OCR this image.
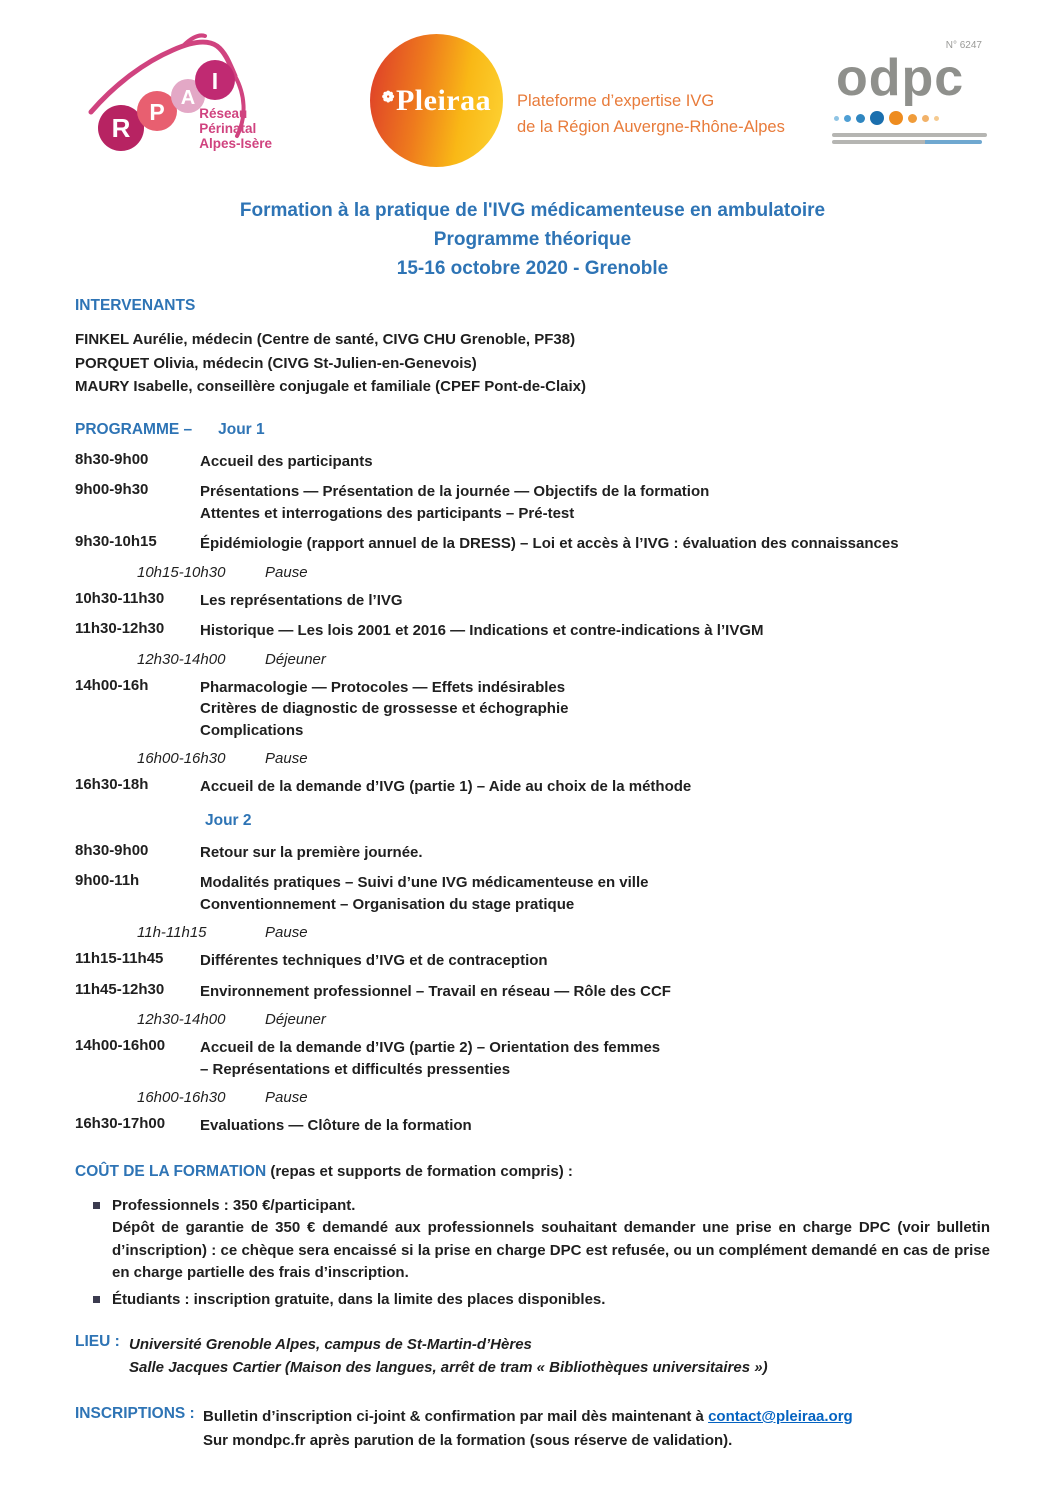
R
P
A
I
Réseau
Périnatal
Alpes-Isère
❁Pleiraa Plateforme d’expertise IVG
de la Région Auvergne-Rhône-Alpes
N° 6247
odpc
Formation à la pratique de l'IVG médicamenteuse en ambulatoire
Programme théorique
15-16 octobre 2020 - Grenoble
INTERVENANTS
FINKEL Aurélie, médecin (Centre de santé, CIVG CHU Grenoble, PF38)
PORQUET Olivia, médecin (CIVG St-Julien-en-Genevois)
MAURY Isabelle, conseillère conjugale et familiale (CPEF Pont-de-Claix)
PROGRAMME – Jour 1
8h30-9h00	Accueil des participants
9h00-9h30	Présentations — Présentation de la journée — Objectifs de la formation
Attentes et interrogations des participants – Pré-test
9h30-10h15	Épidémiologie (rapport annuel de la DRESS) – Loi et accès à l’IVG : évaluation des connaissances
10h15-10h30	Pause
10h30-11h30	Les représentations de l’IVG
11h30-12h30	Historique — Les lois 2001 et 2016 — Indications et contre-indications à l’IVGM
12h30-14h00	Déjeuner
14h00-16h	Pharmacologie — Protocoles — Effets indésirables
Critères de diagnostic de grossesse et échographie
Complications
16h00-16h30	Pause
16h30-18h	Accueil de la demande d’IVG (partie 1) – Aide au choix de la méthode
Jour 2
8h30-9h00	Retour sur la première journée.
9h00-11h	Modalités pratiques – Suivi d’une IVG médicamenteuse en ville
Conventionnement – Organisation du stage pratique
11h-11h15	Pause
11h15-11h45	Différentes techniques d’IVG et de contraception
11h45-12h30	Environnement professionnel – Travail en réseau — Rôle des CCF
12h30-14h00	Déjeuner
14h00-16h00	Accueil de la demande d’IVG (partie 2) – Orientation des femmes
– Représentations et difficultés pressenties
16h00-16h30	Pause
16h30-17h00	Evaluations — Clôture de la formation
COÛT DE LA FORMATION (repas et supports de formation compris) :
Professionnels : 350 €/participant.
Dépôt de garantie de 350 € demandé aux professionnels souhaitant demander une prise en charge DPC (voir bulletin d’inscription) : ce chèque sera encaissé si la prise en charge DPC est refusée, ou un complément demandé en cas de prise en charge partielle des frais d’inscription.
Étudiants : inscription gratuite, dans la limite des places disponibles.
LIEU : Université Grenoble Alpes, campus de St-Martin-d’Hères
Salle Jacques Cartier (Maison des langues, arrêt de tram « Bibliothèques universitaires »)
INSCRIPTIONS : Bulletin d’inscription ci-joint & confirmation par mail dès maintenant à contact@pleiraa.org
Sur mondpc.fr après parution de la formation (sous réserve de validation).
